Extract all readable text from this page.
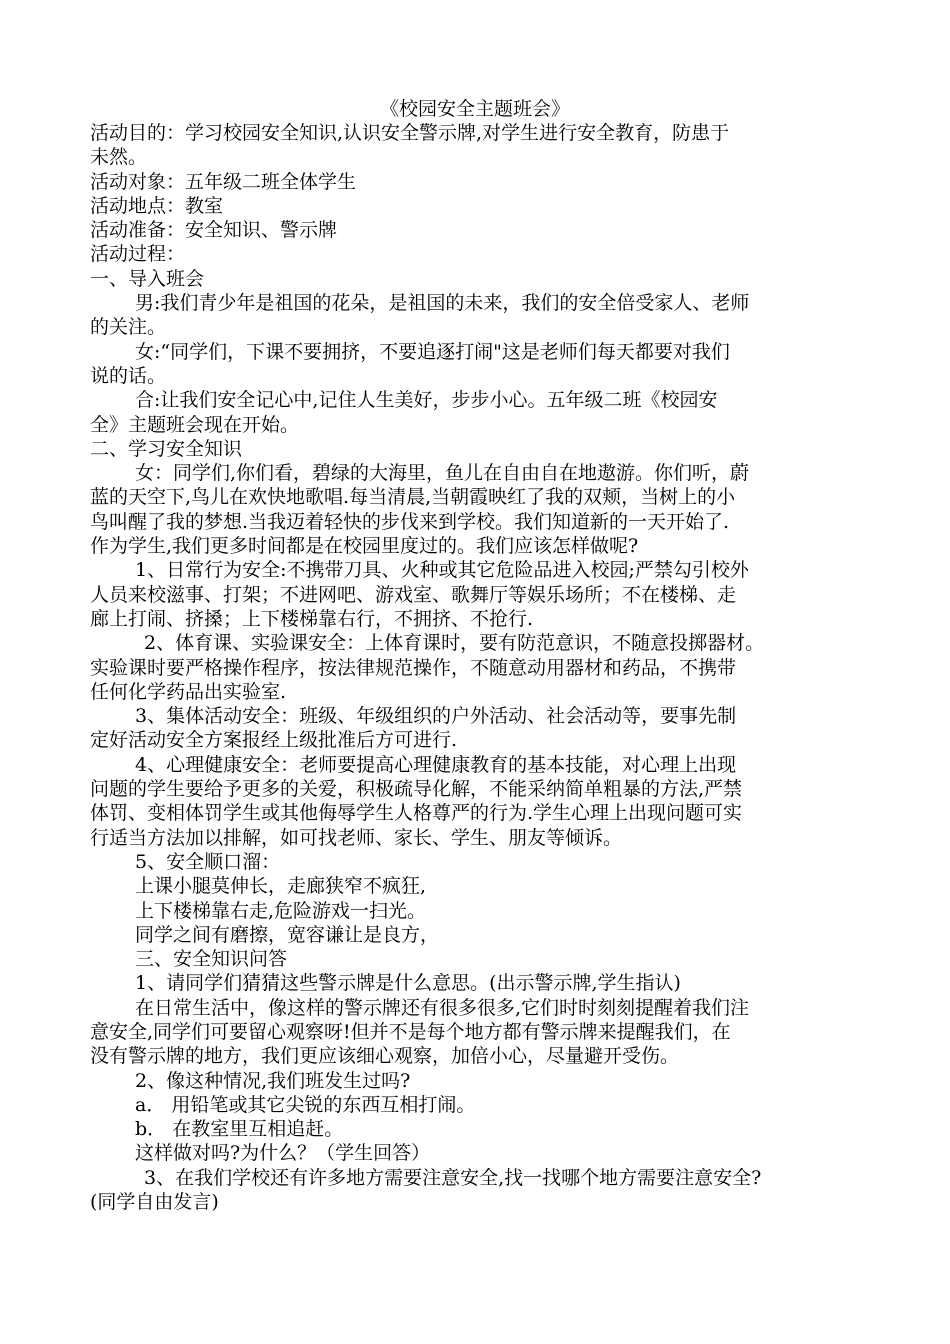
《校园安全主题班会》
活动目的：学习校园安全知识,认识安全警示牌,对学生进行安全教育，防患于
未然。
活动对象：五年级二班全体学生
活动地点：教室
活动准备：安全知识、警示牌
活动过程：
一、导入班会
男:我们青少年是祖国的花朵，是祖国的未来，我们的安全倍受家人、老师
的关注。
女:“同学们，下课不要拥挤，不要追逐打闹"这是老师们每天都要对我们
说的话。
合:让我们安全记心中,记住人生美好，步步小心。五年级二班《校园安
全》主题班会现在开始。
二、学习安全知识
女：同学们,你们看，碧绿的大海里，鱼儿在自由自在地遨游。你们听，蔚
蓝的天空下,鸟儿在欢快地歌唱.每当清晨,当朝霞映红了我的双颊，当树上的小
鸟叫醒了我的梦想.当我迈着轻快的步伐来到学校。我们知道新的一天开始了.
作为学生,我们更多时间都是在校园里度过的。我们应该怎样做呢?
1、日常行为安全:不携带刀具、火种或其它危险品进入校园;严禁勾引校外
人员来校滋事、打架；不进网吧、游戏室、歌舞厅等娱乐场所；不在楼梯、走
廊上打闹、挤搡；上下楼梯靠右行，不拥挤、不抢行.
2、体育课、实验课安全：上体育课时，要有防范意识，不随意投掷器材。
实验课时要严格操作程序，按法律规范操作，不随意动用器材和药品，不携带
任何化学药品出实验室.
3、集体活动安全：班级、年级组织的户外活动、社会活动等，要事先制
定好活动安全方案报经上级批准后方可进行.
4、心理健康安全：老师要提高心理健康教育的基本技能，对心理上出现
问题的学生要给予更多的关爱，积极疏导化解，不能采纳简单粗暴的方法,严禁
体罚、变相体罚学生或其他侮辱学生人格尊严的行为.学生心理上出现问题可实
行适当方法加以排解，如可找老师、家长、学生、朋友等倾诉。
5、安全顺口溜：
上课小腿莫伸长，走廊狭窄不疯狂,
上下楼梯靠右走,危险游戏一扫光。
同学之间有磨擦，宽容谦让是良方，
三、安全知识问答
1、请同学们猜猜这些警示牌是什么意思。(出示警示牌,学生指认)
在日常生活中，像这样的警示牌还有很多很多,它们时时刻刻提醒着我们注
意安全,同学们可要留心观察呀!但并不是每个地方都有警示牌来提醒我们，在
没有警示牌的地方，我们更应该细心观察，加倍小心，尽量避开受伤。
2、像这种情况,我们班发生过吗?
a． 用铅笔或其它尖锐的东西互相打闹。
b． 在教室里互相追赶。
这样做对吗?为什么？（学生回答）
3、在我们学校还有许多地方需要注意安全,找一找哪个地方需要注意安全?
(同学自由发言)
